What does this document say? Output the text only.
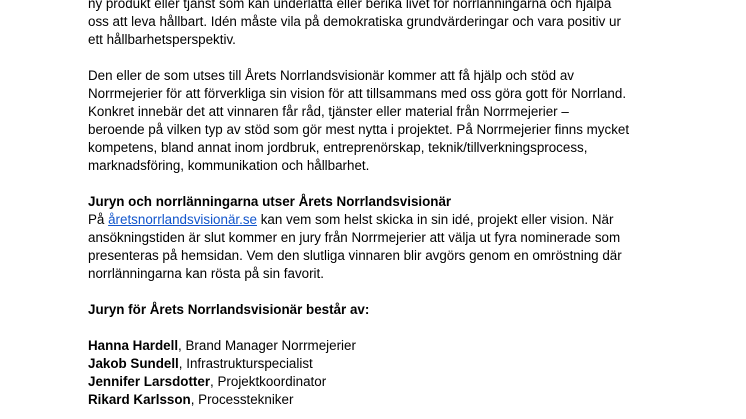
ny produkt eller tjänst som kan underlätta eller berika livet för norrlänningarna och hjälpa
oss att leva hållbart. Idén måste vila på demokratiska grundvärderingar och vara positiv ur
ett hållbarhetsperspektiv.
Den eller de som utses till Årets Norrlandsvisionär kommer att få hjälp och stöd av
Norrmejerier för att förverkliga sin vision för att tillsammans med oss göra gott för Norrland.
Konkret innebär det att vinnaren får råd, tjänster eller material från Norrmejerier –
beroende på vilken typ av stöd som gör mest nytta i projektet. På Norrmejerier finns mycket
kompetens, bland annat inom jordbruk, entreprenörskap, teknik/tillverkningsprocess,
marknadsföring, kommunikation och hållbarhet.
Juryn och norrlänningarna utser Årets Norrlandsvisionär
På åretsnorrlandsvisionär.se kan vem som helst skicka in sin idé, projekt eller vision. När
ansökningstiden är slut kommer en jury från Norrmejerier att välja ut fyra nominerade som
presenteras på hemsidan. Vem den slutliga vinnaren blir avgörs genom en omröstning där
norrlänningarna kan rösta på sin favorit.
Juryn för Årets Norrlandsvisionär består av:
Hanna Hardell, Brand Manager Norrmejerier
Jakob Sundell, Infrastrukturspecialist
Jennifer Larsdotter, Projektkoordinator
Rikard Karlsson, Processtekniker
